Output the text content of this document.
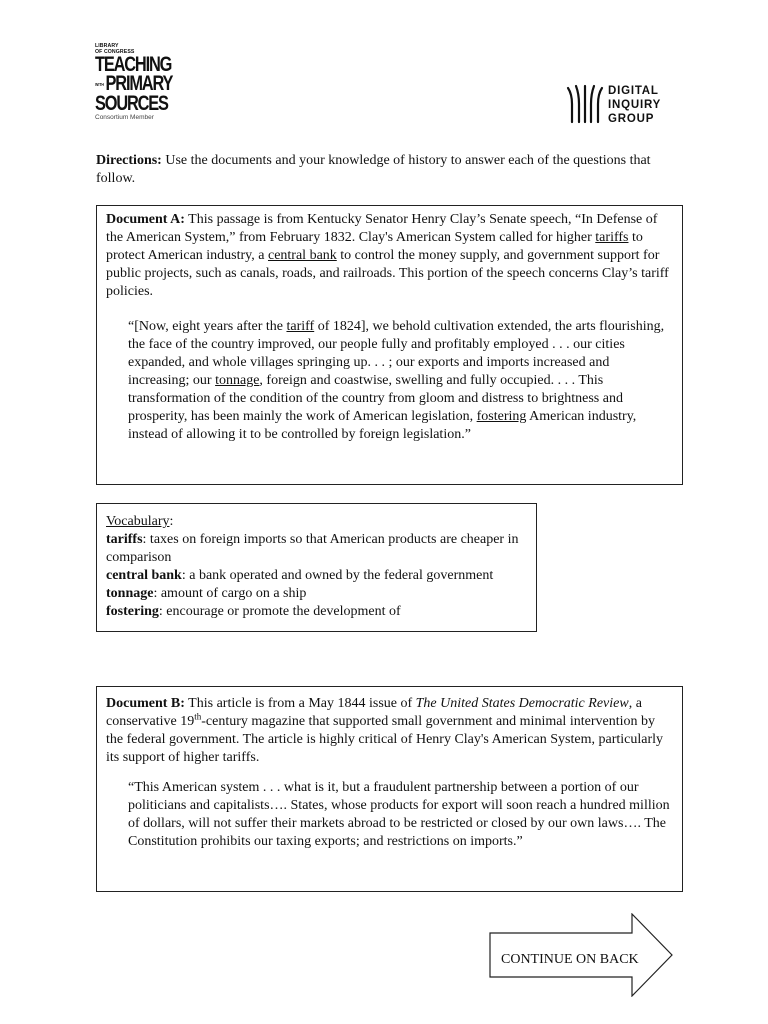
LIBRARY
OF CONGRESS
TEACHING
WITHPRIMARY
SOURCES
Consortium Member
DIGITAL
INQUIRY
GROUP
Directions: Use the documents and your knowledge of history to answer each of the questions that follow.
Document A: This passage is from Kentucky Senator Henry Clay’s Senate speech, “In Defense of the American System,” from February 1832. Clay's American System called for higher tariffs to protect American industry, a central bank to control the money supply, and government support for public projects, such as canals, roads, and railroads. This portion of the speech concerns Clay’s tariff policies.
“[Now, eight years after the tariff of 1824], we behold cultivation extended, the arts flourishing, the face of the country improved, our people fully and profitably employed . . . our cities expanded, and whole villages springing up. . . ; our exports and imports increased and increasing; our tonnage, foreign and coastwise, swelling and fully occupied. . . . This transformation of the condition of the country from gloom and distress to brightness and prosperity, has been mainly the work of American legislation, fostering American industry, instead of allowing it to be controlled by foreign legislation.”
Vocabulary:
tariffs: taxes on foreign imports so that American products are cheaper in comparison
central bank: a bank operated and owned by the federal government
tonnage: amount of cargo on a ship
fostering: encourage or promote the development of
Document B: This article is from a May 1844 issue of The United States Democratic Review, a conservative 19th-century magazine that supported small government and minimal intervention by the federal government. The article is highly critical of Henry Clay's American System, particularly its support of higher tariffs.
“This American system . . . what is it, but a fraudulent partnership between a portion of our politicians and capitalists…. States, whose products for export will soon reach a hundred million of dollars, will not suffer their markets abroad to be restricted or closed by our own laws…. The Constitution prohibits our taxing exports; and restrictions on imports.”
CONTINUE ON BACK
